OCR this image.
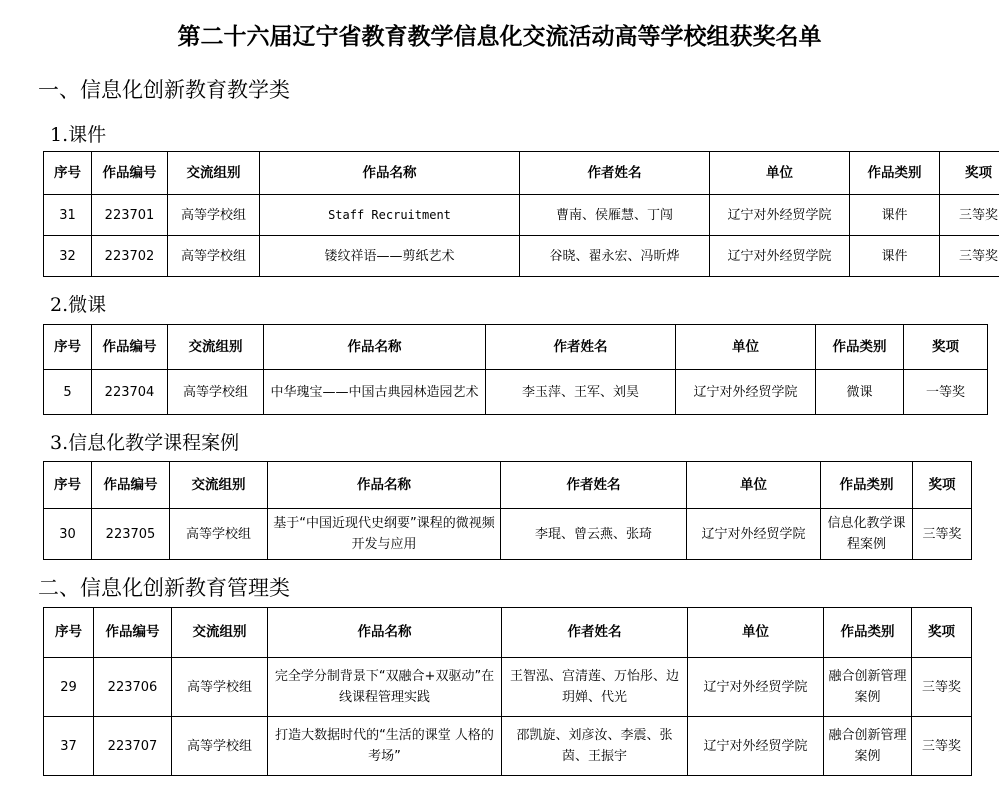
第二十六届辽宁省教育教学信息化交流活动高等学校组获奖名单
一、信息化创新教育教学类
1.课件
序号	作品编号	交流组别	作品名称	作者姓名	单位	作品类别	奖项
31	223701	高等学校组	Staff Recruitment	曹南、侯雁慧、丁闯	辽宁对外经贸学院	课件	三等奖
32	223702	高等学校组	镂纹祥语——剪纸艺术	谷晓、翟永宏、冯昕烨	辽宁对外经贸学院	课件	三等奖
2.微课
序号	作品编号	交流组别	作品名称	作者姓名	单位	作品类别	奖项
5	223704	高等学校组	中华瑰宝——中国古典园林造园艺术	李玉萍、王军、刘昊	辽宁对外经贸学院	微课	一等奖
3.信息化教学课程案例
序号	作品编号	交流组别	作品名称	作者姓名	单位	作品类别	奖项
30	223705	高等学校组	基于“中国近现代史纲要”课程的微视频开发与应用	李琨、曾云燕、张琦	辽宁对外经贸学院	信息化教学课程案例	三等奖
二、信息化创新教育管理类
序号	作品编号	交流组别	作品名称	作者姓名	单位	作品类别	奖项
29	223706	高等学校组	完全学分制背景下“双融合+双驱动”在线课程管理实践	王智泓、宫清莲、万怡彤、边玥婵、代光	辽宁对外经贸学院	融合创新管理案例	三等奖
37	223707	高等学校组	打造大数据时代的“生活的课堂 人格的考场”	邵凯旋、刘彦汝、李震、张茵、王振宇	辽宁对外经贸学院	融合创新管理案例	三等奖
